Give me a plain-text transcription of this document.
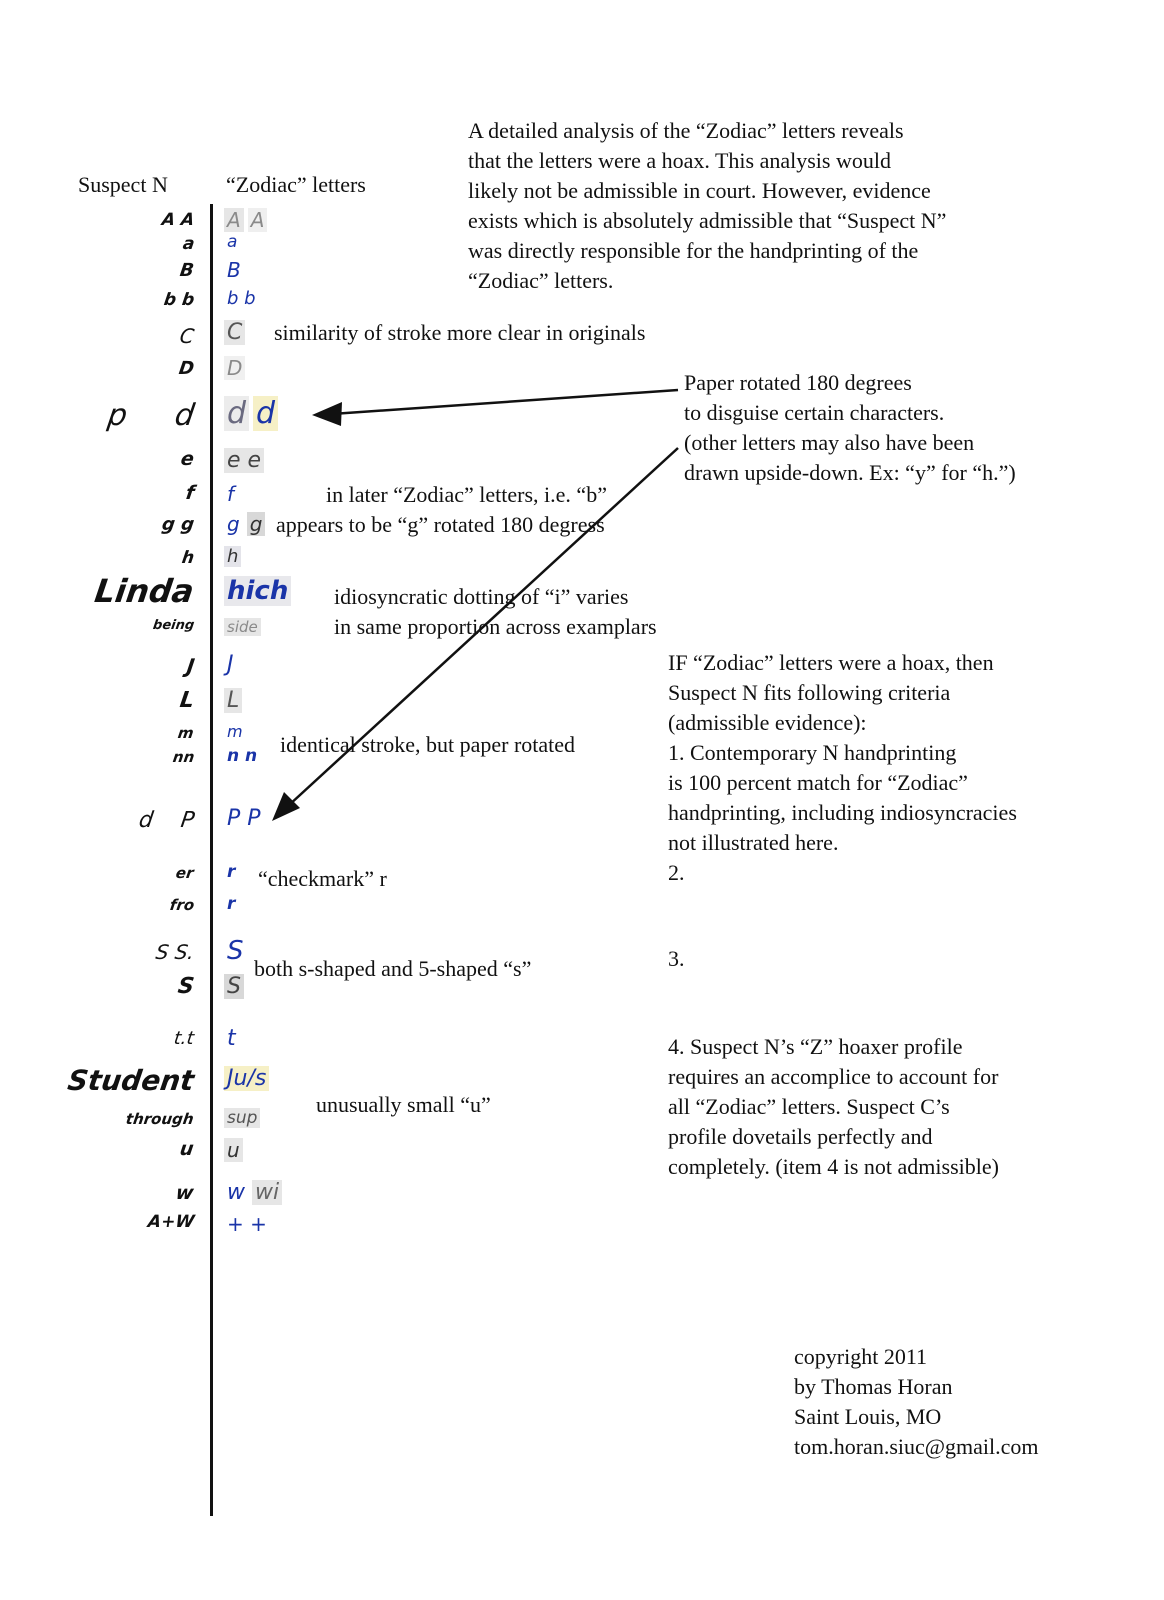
A detailed analysis of the “Zodiac” letters reveals
that the letters were a hoax. This analysis would
likely not be admissible in court. However, evidence
exists which is absolutely admissible that “Suspect N”
was directly responsible for the handprinting of the
“Zodiac” letters.
Suspect N	“Zodiac” letters
A A
a
B
b b
C
D
p d
e
f
g g
h
Linda
being
J
L
m
nn
d P
er
fro
S S.
S
t.t
Student
through
u
w
A+W
A A
a
B
b b
C
D
d d
e e
f
g g
h
hich
side
J
L
m
n n
P P
r
r
S
S
t
Ju/s
sup
u
w wi
+ +
similarity of stroke more clear in originals
Paper rotated 180 degrees
to disguise certain characters.
(other letters may also have been
drawn upside-down. Ex: “y” for “h.”)
in later “Zodiac” letters, i.e. “b”
appears to be “g” rotated 180 degress
idiosyncratic dotting of “i” varies
in same proportion across examplars
identical stroke, but paper rotated
“checkmark” r
both s-shaped and 5-shaped “s”
unusually small “u”
IF “Zodiac” letters were a hoax, then
Suspect N fits following criteria
(admissible evidence):
1. Contemporary N handprinting
is 100 percent match for “Zodiac”
handprinting, including indiosyncracies
not illustrated here.
2.
3.
4. Suspect N’s “Z” hoaxer profile
requires an accomplice to account for
all “Zodiac” letters. Suspect C’s
profile dovetails perfectly and
completely. (item 4 is not admissible)
copyright 2011
by Thomas Horan
Saint Louis, MO
tom.horan.siuc@gmail.com
